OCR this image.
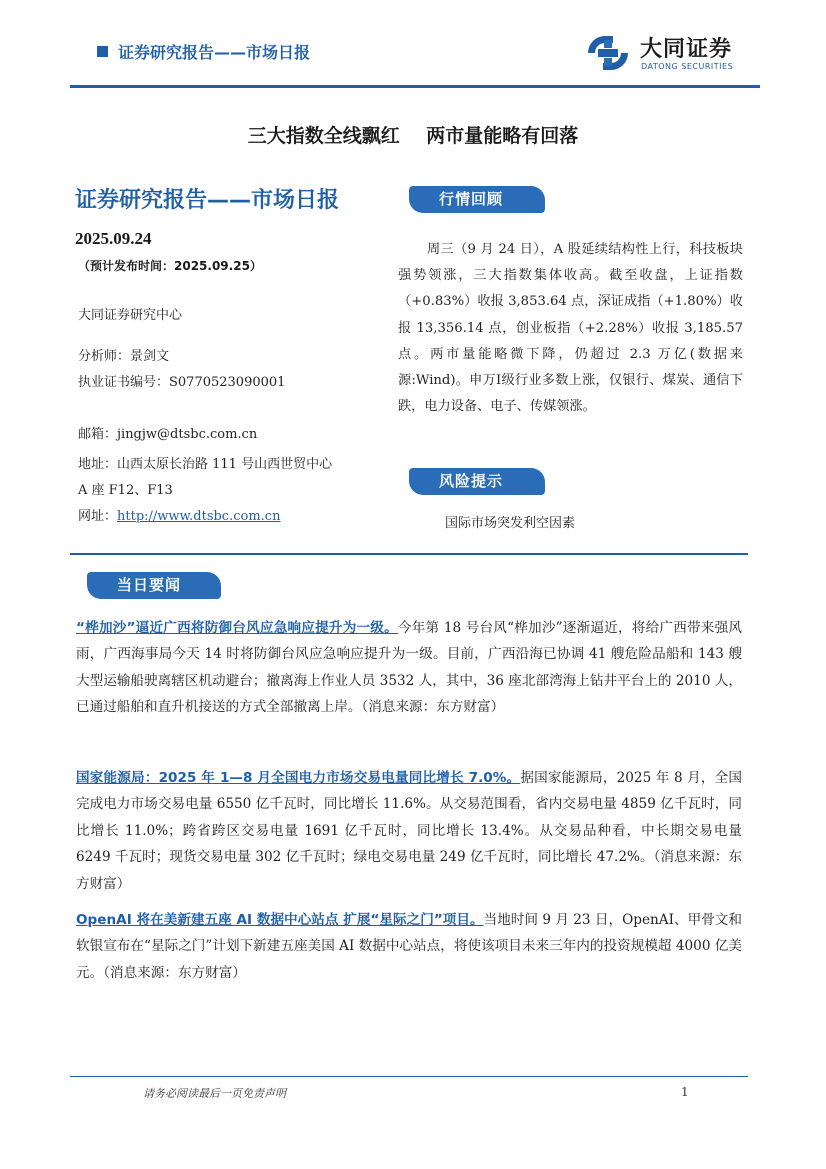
证券研究报告——市场日报	大同证券
DATONG SECURITIES
三大指数全线飘红    两市量能略有回落
证券研究报告——市场日报
2025.09.24
（预计发布时间：2025.09.25）
大同证券研究中心
分析师：景剑文
执业证书编号：S0770523090001
邮箱：jingjw@dtsbc.com.cn
地址：山西太原长治路 111 号山西世贸中心
A 座 F12、F13
网址：http://www.dtsbc.com.cn
行情回顾
周三（9 月 24 日），A 股延续结构性上行，科技板块强势领涨，三大指数集体收高。截至收盘，上证指数（+0.83%）收报 3,853.64 点，深证成指（+1.80%）收报 13,356.14 点，创业板指（+2.28%）收报 3,185.57 点。两市量能略微下降，仍超过 2.3 万亿(数据来源:Wind)。申万Ⅰ级行业多数上涨，仅银行、煤炭、通信下跌，电力设备、电子、传媒领涨。
风险提示
国际市场突发利空因素
当日要闻
“桦加沙”逼近广西将防御台风应急响应提升为一级。今年第 18 号台风“桦加沙”逐渐逼近，将给广西带来强风雨，广西海事局今天 14 时将防御台风应急响应提升为一级。目前，广西沿海已协调 41 艘危险品船和 143 艘大型运输船驶离辖区机动避台；撤离海上作业人员 3532 人，其中，36 座北部湾海上钻井平台上的 2010 人，已通过船舶和直升机接送的方式全部撤离上岸。（消息来源：东方财富）
国家能源局：2025 年 1—8 月全国电力市场交易电量同比增长 7.0%。据国家能源局，2025 年 8 月，全国完成电力市场交易电量 6550 亿千瓦时，同比增长 11.6%。从交易范围看，省内交易电量 4859 亿千瓦时，同比增长 11.0%；跨省跨区交易电量 1691 亿千瓦时，同比增长 13.4%。从交易品种看，中长期交易电量 6249 千瓦时；现货交易电量 302 亿千瓦时；绿电交易电量 249 亿千瓦时，同比增长 47.2%。（消息来源：东方财富）
OpenAI 将在美新建五座 AI 数据中心站点 扩展“星际之门”项目。当地时间 9 月 23 日，OpenAI、甲骨文和软银宣布在“星际之门”计划下新建五座美国 AI 数据中心站点，将使该项目未来三年内的投资规模超 4000 亿美元。（消息来源：东方财富）
请务必阅读最后一页免责声明	1
